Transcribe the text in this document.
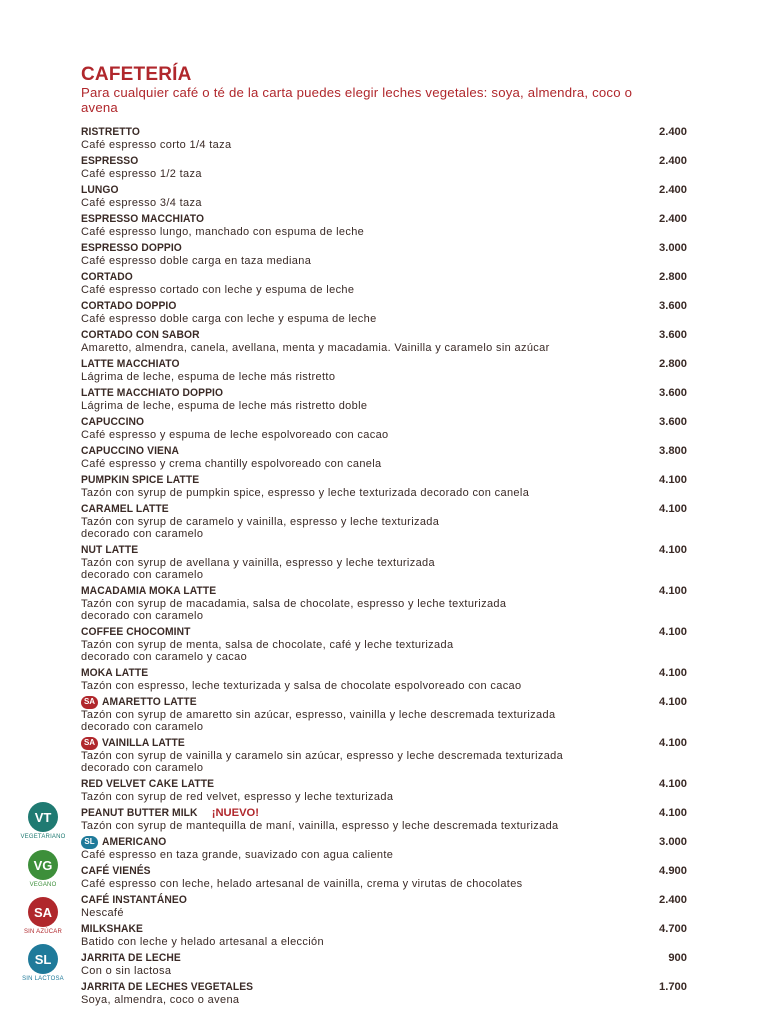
CAFETERÍA
Para cualquier café o té de la carta puedes elegir leches vegetales: soya, almendra, coco o avena
RISTRETTO	2.400
Café espresso corto 1/4 taza
ESPRESSO	2.400
Café espresso 1/2 taza
LUNGO	2.400
Café espresso 3/4 taza
ESPRESSO MACCHIATO	2.400
Café espresso lungo, manchado con espuma de leche
ESPRESSO DOPPIO	3.000
Café espresso doble carga en taza mediana
CORTADO	2.800
Café espresso cortado con leche y espuma de leche
CORTADO DOPPIO	3.600
Café espresso doble carga con leche y espuma de leche
CORTADO CON SABOR	3.600
Amaretto, almendra, canela, avellana, menta y macadamia. Vainilla y caramelo sin azúcar
LATTE MACCHIATO	2.800
Lágrima de leche, espuma de leche más ristretto
LATTE MACCHIATO DOPPIO	3.600
Lágrima de leche, espuma de leche más ristretto doble
CAPUCCINO	3.600
Café espresso y espuma de leche espolvoreado con cacao
CAPUCCINO VIENA	3.800
Café espresso y crema chantilly espolvoreado con canela
PUMPKIN SPICE LATTE	4.100
Tazón con syrup de pumpkin spice, espresso y leche texturizada decorado con canela
CARAMEL LATTE	4.100
Tazón con syrup de caramelo y vainilla, espresso y leche texturizada
decorado con caramelo
NUT LATTE	4.100
Tazón con syrup de avellana y vainilla, espresso y leche texturizada
decorado con caramelo
MACADAMIA MOKA LATTE	4.100
Tazón con syrup de macadamia, salsa de chocolate, espresso y leche texturizada
decorado con caramelo
COFFEE CHOCOMINT	4.100
Tazón con syrup de menta, salsa de chocolate, café y leche texturizada
decorado con caramelo y cacao
MOKA LATTE	4.100
Tazón con espresso, leche texturizada y salsa de chocolate espolvoreado con cacao
SA AMARETTO LATTE	4.100
Tazón con syrup de amaretto sin azúcar, espresso, vainilla y leche descremada texturizada
decorado con caramelo
SA VAINILLA LATTE	4.100
Tazón con syrup de vainilla y caramelo sin azúcar, espresso y leche descremada texturizada
decorado con caramelo
RED VELVET CAKE LATTE	4.100
Tazón con syrup de red velvet, espresso y leche texturizada
PEANUT BUTTER MILK ¡NUEVO!	4.100
Tazón con syrup de mantequilla de maní, vainilla, espresso y leche descremada texturizada
SL AMERICANO	3.000
Café espresso en taza grande, suavizado con agua caliente
CAFÉ VIENÉS	4.900
Café espresso con leche, helado artesanal de vainilla, crema y virutas de chocolates
CAFÉ INSTANTÁNEO	2.400
Nescafé
MILKSHAKE	4.700
Batido con leche y helado artesanal a elección
JARRITA DE LECHE	900
Con o sin lactosa
JARRITA DE LECHES VEGETALES	1.700
Soya, almendra, coco o avena
VT
VEGETARIANO
VG
VEGANO
SA
SIN AZÚCAR
SL
SIN LACTOSA
